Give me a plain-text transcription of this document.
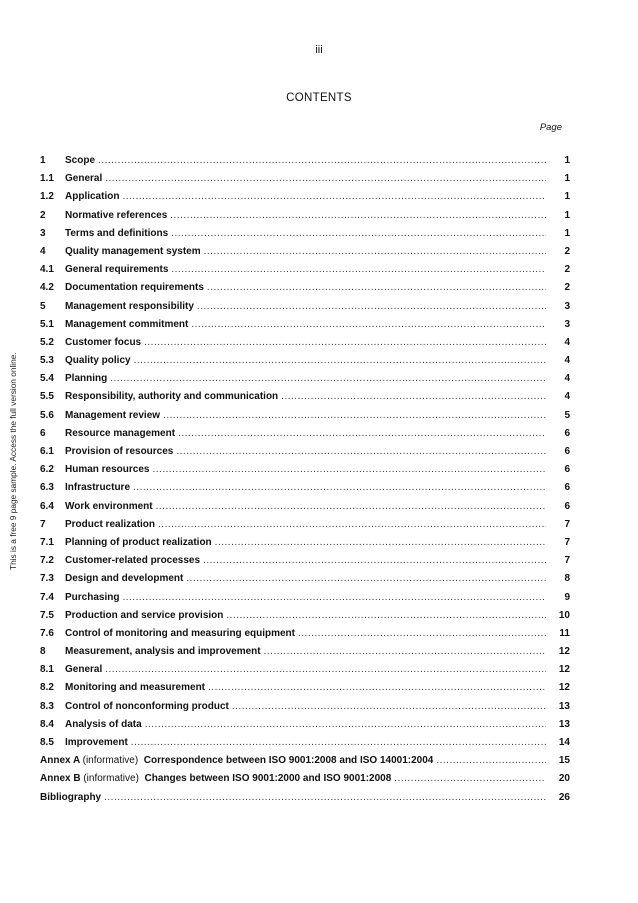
This is a free 9 page sample. Access the full version online.
iii
CONTENTS
Page
1	Scope .....	1
1.1	General .....	1
1.2	Application .....	1
2	Normative references .....	1
3	Terms and definitions .....	1
4	Quality management system .....	2
4.1	General requirements .....	2
4.2	Documentation requirements .....	2
5	Management responsibility .....	3
5.1	Management commitment .....	3
5.2	Customer focus .....	4
5.3	Quality policy .....	4
5.4	Planning .....	4
5.5	Responsibility, authority and communication .....	4
5.6	Management review .....	5
6	Resource management .....	6
6.1	Provision of resources .....	6
6.2	Human resources .....	6
6.3	Infrastructure .....	6
6.4	Work environment .....	6
7	Product realization .....	7
7.1	Planning of product realization .....	7
7.2	Customer-related processes .....	7
7.3	Design and development .....	8
7.4	Purchasing .....	9
7.5	Production and service provision .....	10
7.6	Control of monitoring and measuring equipment .....	11
8	Measurement, analysis and improvement .....	12
8.1	General .....	12
8.2	Monitoring and measurement .....	12
8.3	Control of nonconforming product .....	13
8.4	Analysis of data .....	13
8.5	Improvement .....	14
Annex A (informative) Correspondence between ISO 9001:2008 and ISO 14001:2004 .....	15
Annex B (informative) Changes between ISO 9001:2000 and ISO 9001:2008 .....	20
Bibliography .....	26
